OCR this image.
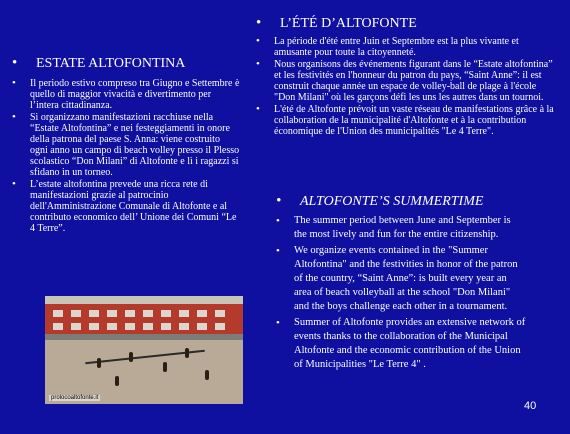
• L’ÉTÉ D’ALTOFONTE

• La période d'été entre Juin et Septembre est la plus vivante et amusante pour toute la citoyenneté.
• Nous organisons des événements figurant dans le “Estate altofontina” et les festivités en l'honneur du patron du pays, “Saint Anne”: il est construit chaque année un espace de volley-ball de plage à l'école "Don Milani" où les garçons défi les uns les autres dans un tournoi.
• L'été de Altofonte prévoit un vaste réseau de manifestations grâce à la collaboration de la municipalité d'Altofonte et à la contribution économique de l'Union des municipalités "Le 4 Terre".

• ESTATE ALTOFONTINA

• Il periodo estivo compreso tra Giugno e Settembre è quello di maggior vivacità e divertimento per l’intera cittadinanza.
• Si organizzano manifestazioni racchiuse nella “Estate Altofontina” e nei festeggiamenti in onore della patrona del paese S. Anna: viene costruito ogni anno un campo di beach volley presso il Plesso scolastico “Don Milani” di Altofonte e lì i ragazzi si sfidano in un torneo.
• L’estate altofontina prevede una ricca rete di manifestazioni grazie al patrocinio dell'Amministrazione Comunale di Altofonte e al contributo economico dell’ Unione dei Comuni “Le 4 Terre”.

• ALTOFONTE’S SUMMERTIME

• The summer period between June and September is the most lively and fun for the entire citizenship.
• We organize events contained in the "Summer Altofontina" and the festivities in honor of the patron of the country, “Saint Anne”: is built every year an area of beach volleyball at the school "Don Milani" and the boys challenge each other in a tournament.
• Summer of Altofonte provides an extensive network of events thanks to the collaboration of the Municipal Altofonte and the economic contribution of the Union of Municipalities "Le Terre 4" .
prolocoaltofonte.it
40
